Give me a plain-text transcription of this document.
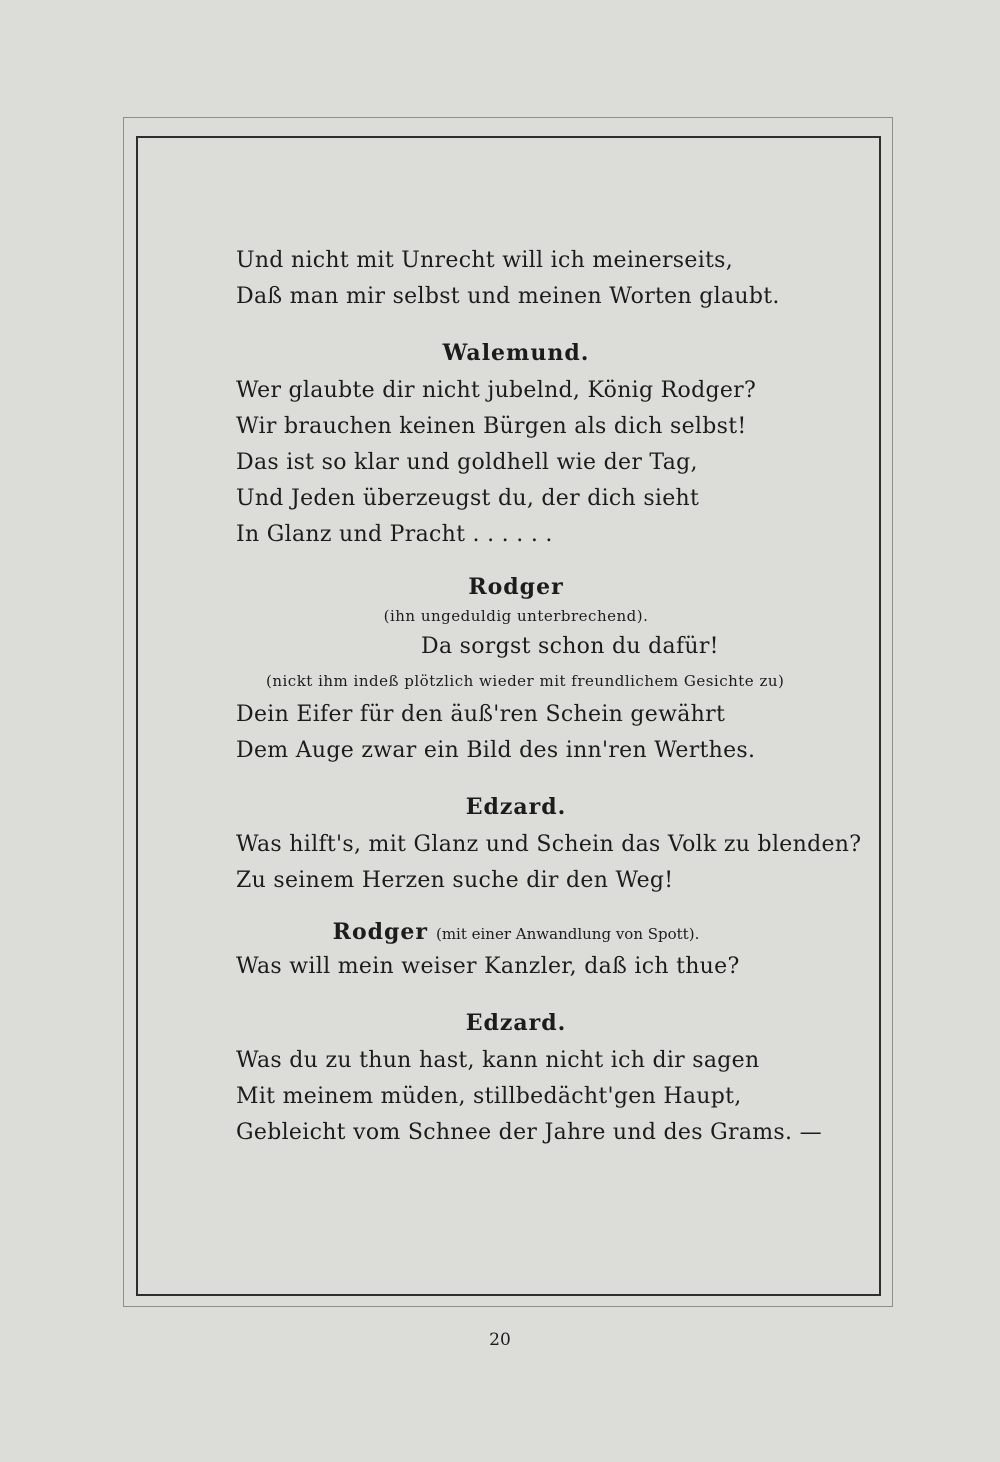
Und nicht mit Unrecht will ich meinerseits,
Daß man mir selbst und meinen Worten glaubt.
Walemund.
Wer glaubte dir nicht jubelnd, König Rodger?
Wir brauchen keinen Bürgen als dich selbst!
Das ist so klar und goldhell wie der Tag,
Und Jeden überzeugst du, der dich sieht
In Glanz und Pracht . . . . . .
Rodger
(ihn ungeduldig unterbrechend).
Da sorgst schon du dafür!
(nickt ihm indeß plötzlich wieder mit freundlichem Gesichte zu)
Dein Eifer für den äuß'ren Schein gewährt
Dem Auge zwar ein Bild des inn'ren Werthes.
Edzard.
Was hilft's, mit Glanz und Schein das Volk zu blenden?
Zu seinem Herzen suche dir den Weg!
Rodger (mit einer Anwandlung von Spott).
Was will mein weiser Kanzler, daß ich thue?
Edzard.
Was du zu thun hast, kann nicht ich dir sagen
Mit meinem müden, stillbedächt'gen Haupt,
Gebleicht vom Schnee der Jahre und des Grams. —
20
